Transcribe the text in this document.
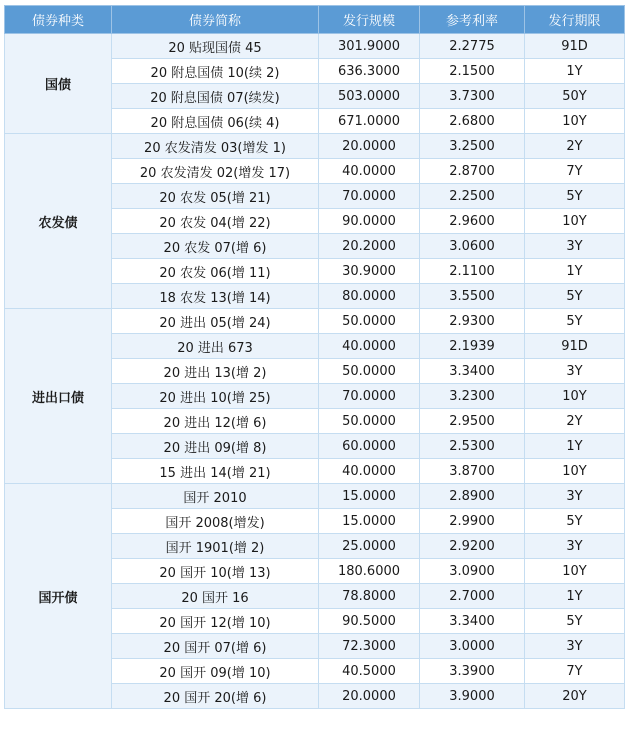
债券种类	债券简称	发行规模	参考利率	发行期限
国债	20 贴现国债 45	301.9000	2.2775	91D
	20 附息国债 10(续 2)	636.3000	2.1500	1Y
	20 附息国债 07(续发)	503.0000	3.7300	50Y
	20 附息国债 06(续 4)	671.0000	2.6800	10Y
农发债	20 农发清发 03(增发 1)	20.0000	3.2500	2Y
	20 农发清发 02(增发 17)	40.0000	2.8700	7Y
	20 农发 05(增 21)	70.0000	2.2500	5Y
	20 农发 04(增 22)	90.0000	2.9600	10Y
	20 农发 07(增 6)	20.2000	3.0600	3Y
	20 农发 06(增 11)	30.9000	2.1100	1Y
	18 农发 13(增 14)	80.0000	3.5500	5Y
进出口债	20 进出 05(增 24)	50.0000	2.9300	5Y
	20 进出 673	40.0000	2.1939	91D
	20 进出 13(增 2)	50.0000	3.3400	3Y
	20 进出 10(增 25)	70.0000	3.2300	10Y
	20 进出 12(增 6)	50.0000	2.9500	2Y
	20 进出 09(增 8)	60.0000	2.5300	1Y
	15 进出 14(增 21)	40.0000	3.8700	10Y
国开债	国开 2010	15.0000	2.8900	3Y
	国开 2008(增发)	15.0000	2.9900	5Y
	国开 1901(增 2)	25.0000	2.9200	3Y
	20 国开 10(增 13)	180.6000	3.0900	10Y
	20 国开 16	78.8000	2.7000	1Y
	20 国开 12(增 10)	90.5000	3.3400	5Y
	20 国开 07(增 6)	72.3000	3.0000	3Y
	20 国开 09(增 10)	40.5000	3.3900	7Y
	20 国开 20(增 6)	20.0000	3.9000	20Y
